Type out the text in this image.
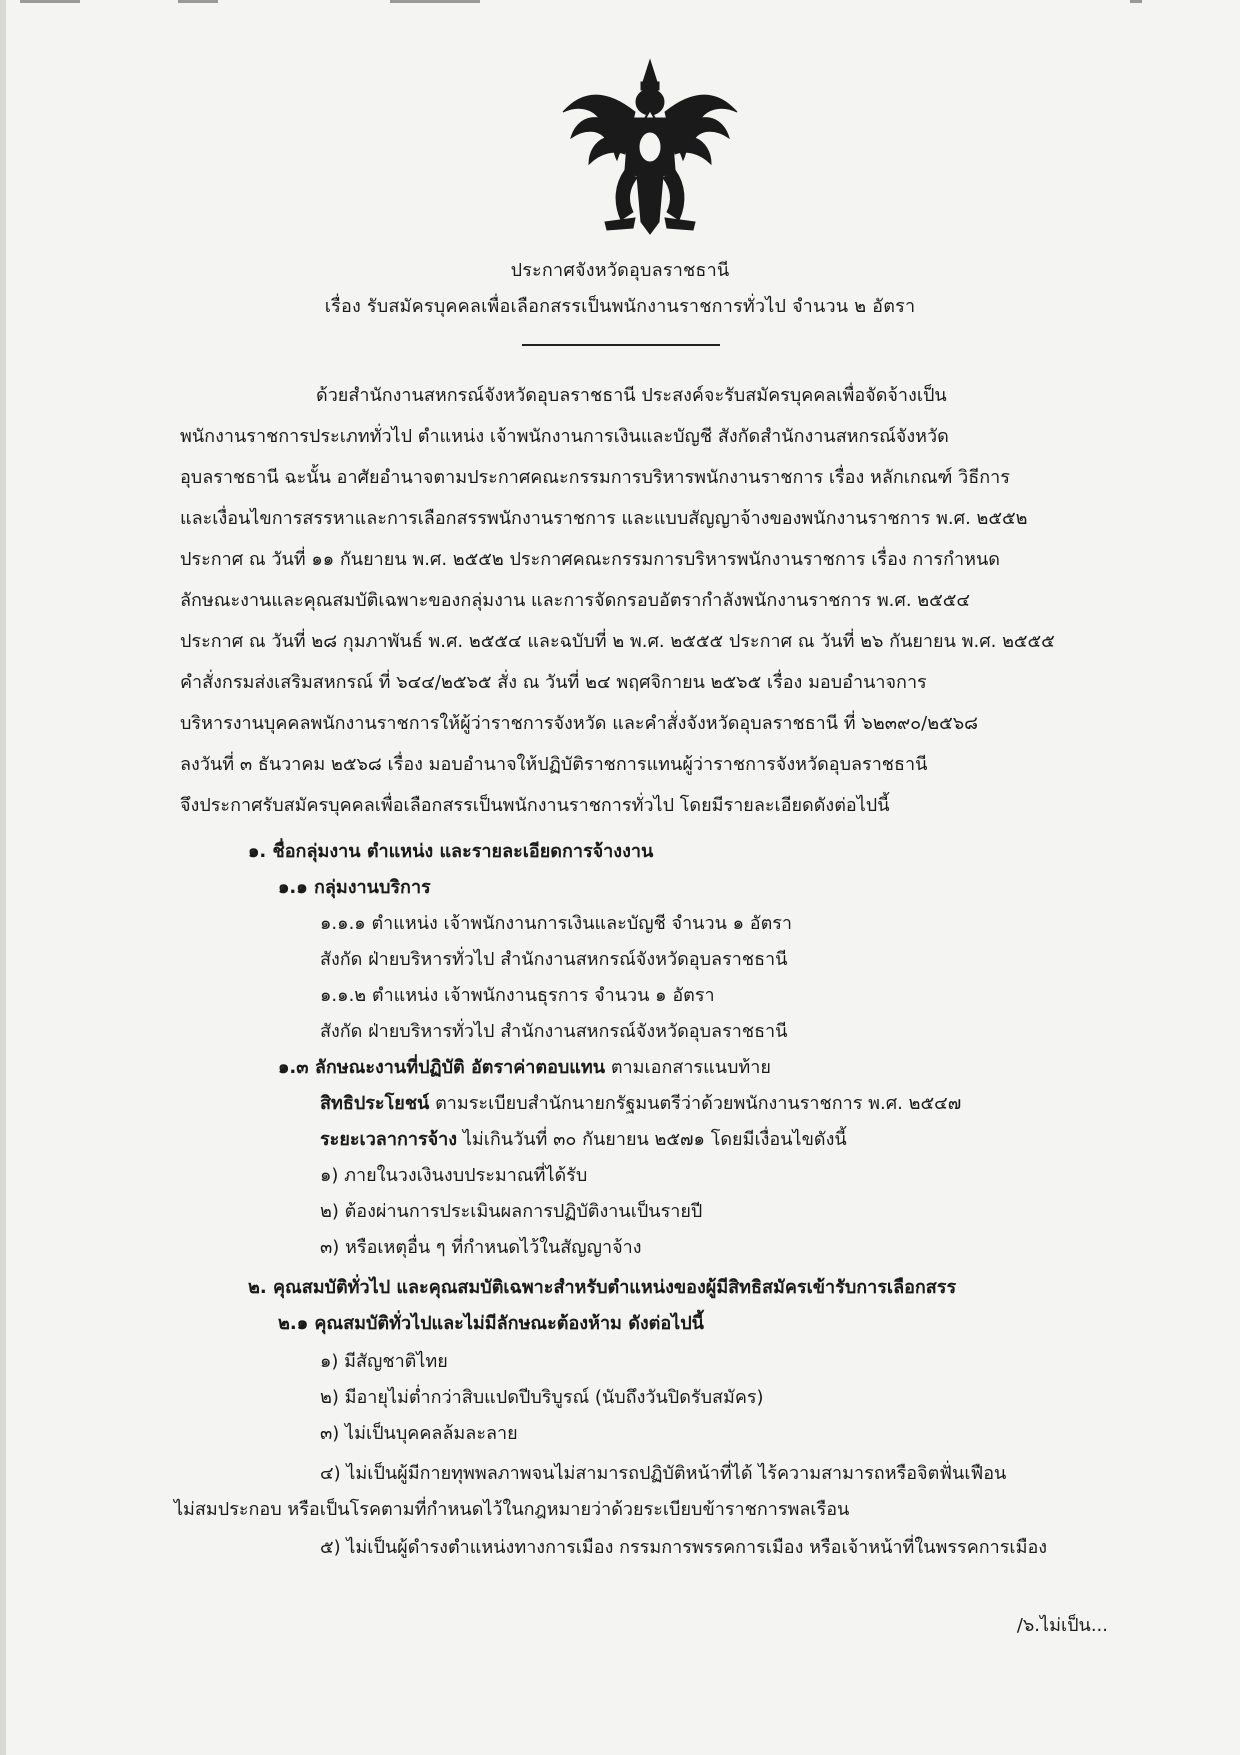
ประกาศจังหวัดอุบลราชธานี
เรื่อง รับสมัครบุคคลเพื่อเลือกสรรเป็นพนักงานราชการทั่วไป จำนวน ๒ อัตรา
ด้วยสำนักงานสหกรณ์จังหวัดอุบลราชธานี ประสงค์จะรับสมัครบุคคลเพื่อจัดจ้างเป็น
พนักงานราชการประเภททั่วไป ตำแหน่ง เจ้าพนักงานการเงินและบัญชี สังกัดสำนักงานสหกรณ์จังหวัด
อุบลราชธานี ฉะนั้น อาศัยอำนาจตามประกาศคณะกรรมการบริหารพนักงานราชการ เรื่อง หลักเกณฑ์ วิธีการ
และเงื่อนไขการสรรหาและการเลือกสรรพนักงานราชการ และแบบสัญญาจ้างของพนักงานราชการ พ.ศ. ๒๕๕๒
ประกาศ ณ วันที่ ๑๑ กันยายน พ.ศ. ๒๕๕๒ ประกาศคณะกรรมการบริหารพนักงานราชการ เรื่อง การกำหนด
ลักษณะงานและคุณสมบัติเฉพาะของกลุ่มงาน และการจัดกรอบอัตรากำลังพนักงานราชการ พ.ศ. ๒๕๕๔
ประกาศ ณ วันที่ ๒๘ กุมภาพันธ์ พ.ศ. ๒๕๕๔ และฉบับที่ ๒ พ.ศ. ๒๕๕๕ ประกาศ ณ วันที่ ๒๖ กันยายน พ.ศ. ๒๕๕๕
คำสั่งกรมส่งเสริมสหกรณ์ ที่ ๖๔๔/๒๕๖๕ สั่ง ณ วันที่ ๒๔ พฤศจิกายน ๒๕๖๕ เรื่อง มอบอำนาจการ
บริหารงานบุคคลพนักงานราชการให้ผู้ว่าราชการจังหวัด และคำสั่งจังหวัดอุบลราชธานี ที่ ๖๒๓๙๐/๒๕๖๘
ลงวันที่ ๓ ธันวาคม ๒๕๖๘ เรื่อง มอบอำนาจให้ปฏิบัติราชการแทนผู้ว่าราชการจังหวัดอุบลราชธานี
จึงประกาศรับสมัครบุคคลเพื่อเลือกสรรเป็นพนักงานราชการทั่วไป โดยมีรายละเอียดดังต่อไปนี้
๑. ชื่อกลุ่มงาน ตำแหน่ง และรายละเอียดการจ้างงาน
๑.๑ กลุ่มงานบริการ
๑.๑.๑ ตำแหน่ง เจ้าพนักงานการเงินและบัญชี จำนวน ๑ อัตรา
สังกัด ฝ่ายบริหารทั่วไป สำนักงานสหกรณ์จังหวัดอุบลราชธานี
๑.๑.๒ ตำแหน่ง เจ้าพนักงานธุรการ จำนวน ๑ อัตรา
สังกัด ฝ่ายบริหารทั่วไป สำนักงานสหกรณ์จังหวัดอุบลราชธานี
๑.๓ ลักษณะงานที่ปฏิบัติ อัตราค่าตอบแทน ตามเอกสารแนบท้าย
สิทธิประโยชน์ ตามระเบียบสำนักนายกรัฐมนตรีว่าด้วยพนักงานราชการ พ.ศ. ๒๕๔๗
ระยะเวลาการจ้าง ไม่เกินวันที่ ๓๐ กันยายน ๒๕๗๑ โดยมีเงื่อนไขดังนี้
๑) ภายในวงเงินงบประมาณที่ได้รับ
๒) ต้องผ่านการประเมินผลการปฏิบัติงานเป็นรายปี
๓) หรือเหตุอื่น ๆ ที่กำหนดไว้ในสัญญาจ้าง
๒. คุณสมบัติทั่วไป และคุณสมบัติเฉพาะสำหรับตำแหน่งของผู้มีสิทธิสมัครเข้ารับการเลือกสรร
๒.๑ คุณสมบัติทั่วไปและไม่มีลักษณะต้องห้าม ดังต่อไปนี้
๑) มีสัญชาติไทย
๒) มีอายุไม่ต่ำกว่าสิบแปดปีบริบูรณ์ (นับถึงวันปิดรับสมัคร)
๓) ไม่เป็นบุคคลล้มละลาย
๔) ไม่เป็นผู้มีกายทุพพลภาพจนไม่สามารถปฏิบัติหน้าที่ได้ ไร้ความสามารถหรือจิตฟั่นเฟือน
ไม่สมประกอบ หรือเป็นโรคตามที่กำหนดไว้ในกฎหมายว่าด้วยระเบียบข้าราชการพลเรือน
๕) ไม่เป็นผู้ดำรงตำแหน่งทางการเมือง กรรมการพรรคการเมือง หรือเจ้าหน้าที่ในพรรคการเมือง
/๖.ไม่เป็น...
